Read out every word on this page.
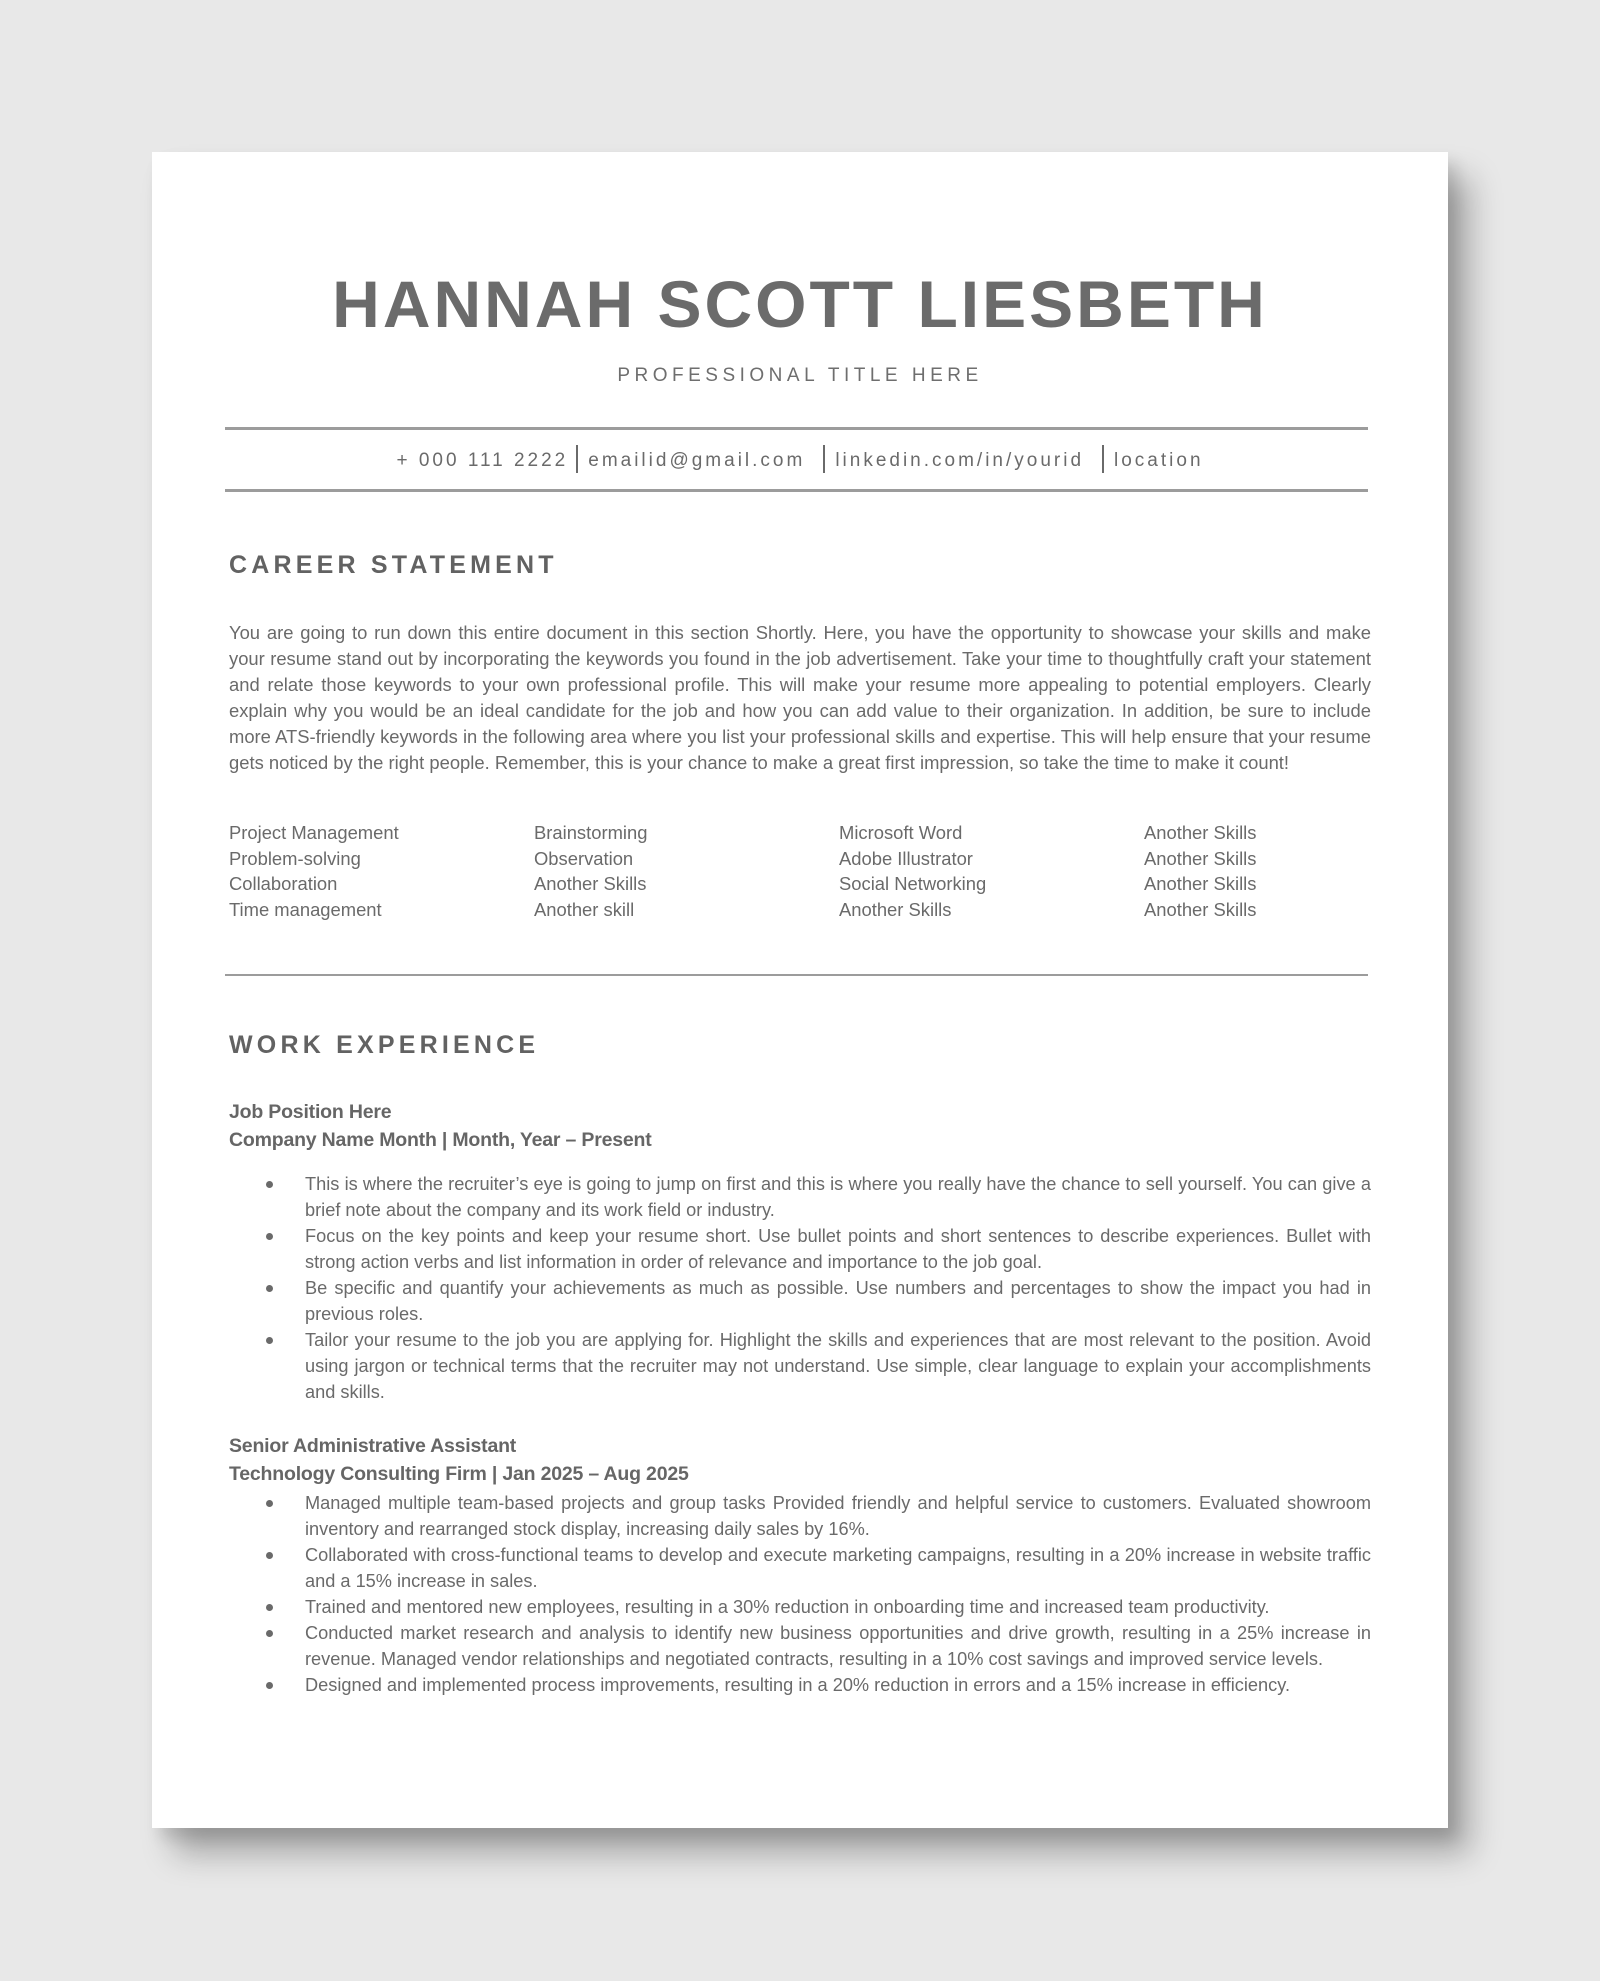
HANNAH SCOTT LIESBETH
PROFESSIONAL TITLE HERE
+ 000 111 2222 emailid@gmail.com linkedin.com/in/yourid location
CAREER STATEMENT
You are going to run down this entire document in this section Shortly. Here, you have the opportunity to showcase your skills and make your resume stand out by incorporating the keywords you found in the job advertisement. Take your time to thoughtfully craft your statement and relate those keywords to your own professional profile. This will make your resume more appealing to potential employers. Clearly explain why you would be an ideal candidate for the job and how you can add value to their organization. In addition, be sure to include more ATS-friendly keywords in the following area where you list your professional skills and expertise. This will help ensure that your resume gets noticed by the right people. Remember, this is your chance to make a great first impression, so take the time to make it count!
Project Management	Brainstorming	Microsoft Word	Another Skills
Problem-solving	Observation	Adobe Illustrator	Another Skills
Collaboration	Another Skills	Social Networking	Another Skills
Time management	Another skill	Another Skills	Another Skills
WORK EXPERIENCE
Job Position Here
Company Name Month | Month, Year – Present
This is where the recruiter’s eye is going to jump on first and this is where you really have the chance to sell yourself. You can give a brief note about the company and its work field or industry.
Focus on the key points and keep your resume short. Use bullet points and short sentences to describe experiences. Bullet with strong action verbs and list information in order of relevance and importance to the job goal.
Be specific and quantify your achievements as much as possible. Use numbers and percentages to show the impact you had in previous roles.
Tailor your resume to the job you are applying for. Highlight the skills and experiences that are most relevant to the position. Avoid using jargon or technical terms that the recruiter may not understand. Use simple, clear language to explain your accomplishments and skills.
Senior Administrative Assistant
Technology Consulting Firm | Jan 2025 – Aug 2025
Managed multiple team-based projects and group tasks Provided friendly and helpful service to customers. Evaluated showroom inventory and rearranged stock display, increasing daily sales by 16%.
Collaborated with cross-functional teams to develop and execute marketing campaigns, resulting in a 20% increase in website traffic and a 15% increase in sales.
Trained and mentored new employees, resulting in a 30% reduction in onboarding time and increased team productivity.
Conducted market research and analysis to identify new business opportunities and drive growth, resulting in a 25% increase in revenue. Managed vendor relationships and negotiated contracts, resulting in a 10% cost savings and improved service levels.
Designed and implemented process improvements, resulting in a 20% reduction in errors and a 15% increase in efficiency.
